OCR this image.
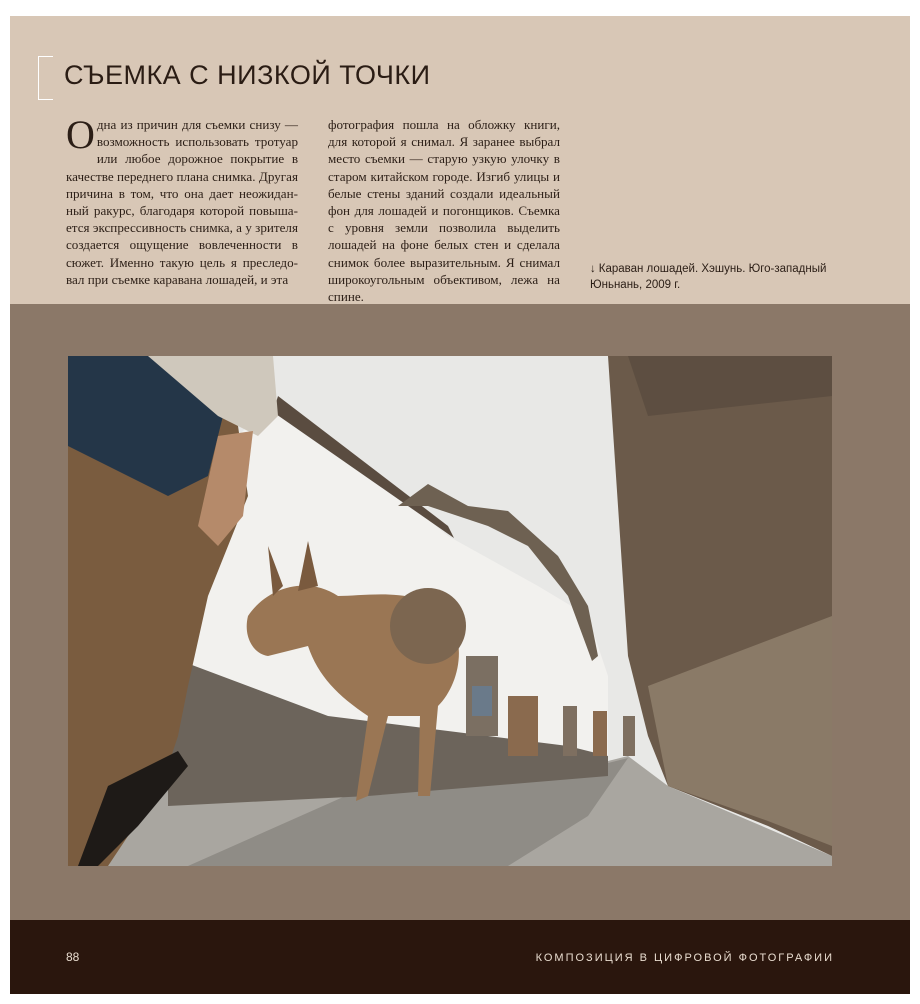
СЪЕМКА С НИЗКОЙ ТОЧКИ
Одна из причин для съемки снизу — возможность использовать тротуар или любое дорожное покрытие в качестве переднего плана снимка. Другая причина в том, что она дает неожиданный ракурс, благодаря которой повышается экспрессивность снимка, а у зрителя создается ощущение вовлеченности в сюжет. Именно такую цель я преследовал при съемке каравана лошадей, и эта
фотография пошла на обложку книги, для которой я снимал. Я заранее выбрал место съемки — старую узкую улочку в старом китайском городе. Изгиб улицы и белые стены зданий создали идеальный фон для лошадей и погонщиков. Съемка с уровня земли позволила выделить лошадей на фоне белых стен и сделала снимок более выразительным. Я снимал широкоугольным объективом, лежа на спине.
↓ Караван лошадей. Хэшунь. Юго-западный Юньнань, 2009 г.
88	КОМПОЗИЦИЯ В ЦИФРОВОЙ ФОТОГРАФИИ
